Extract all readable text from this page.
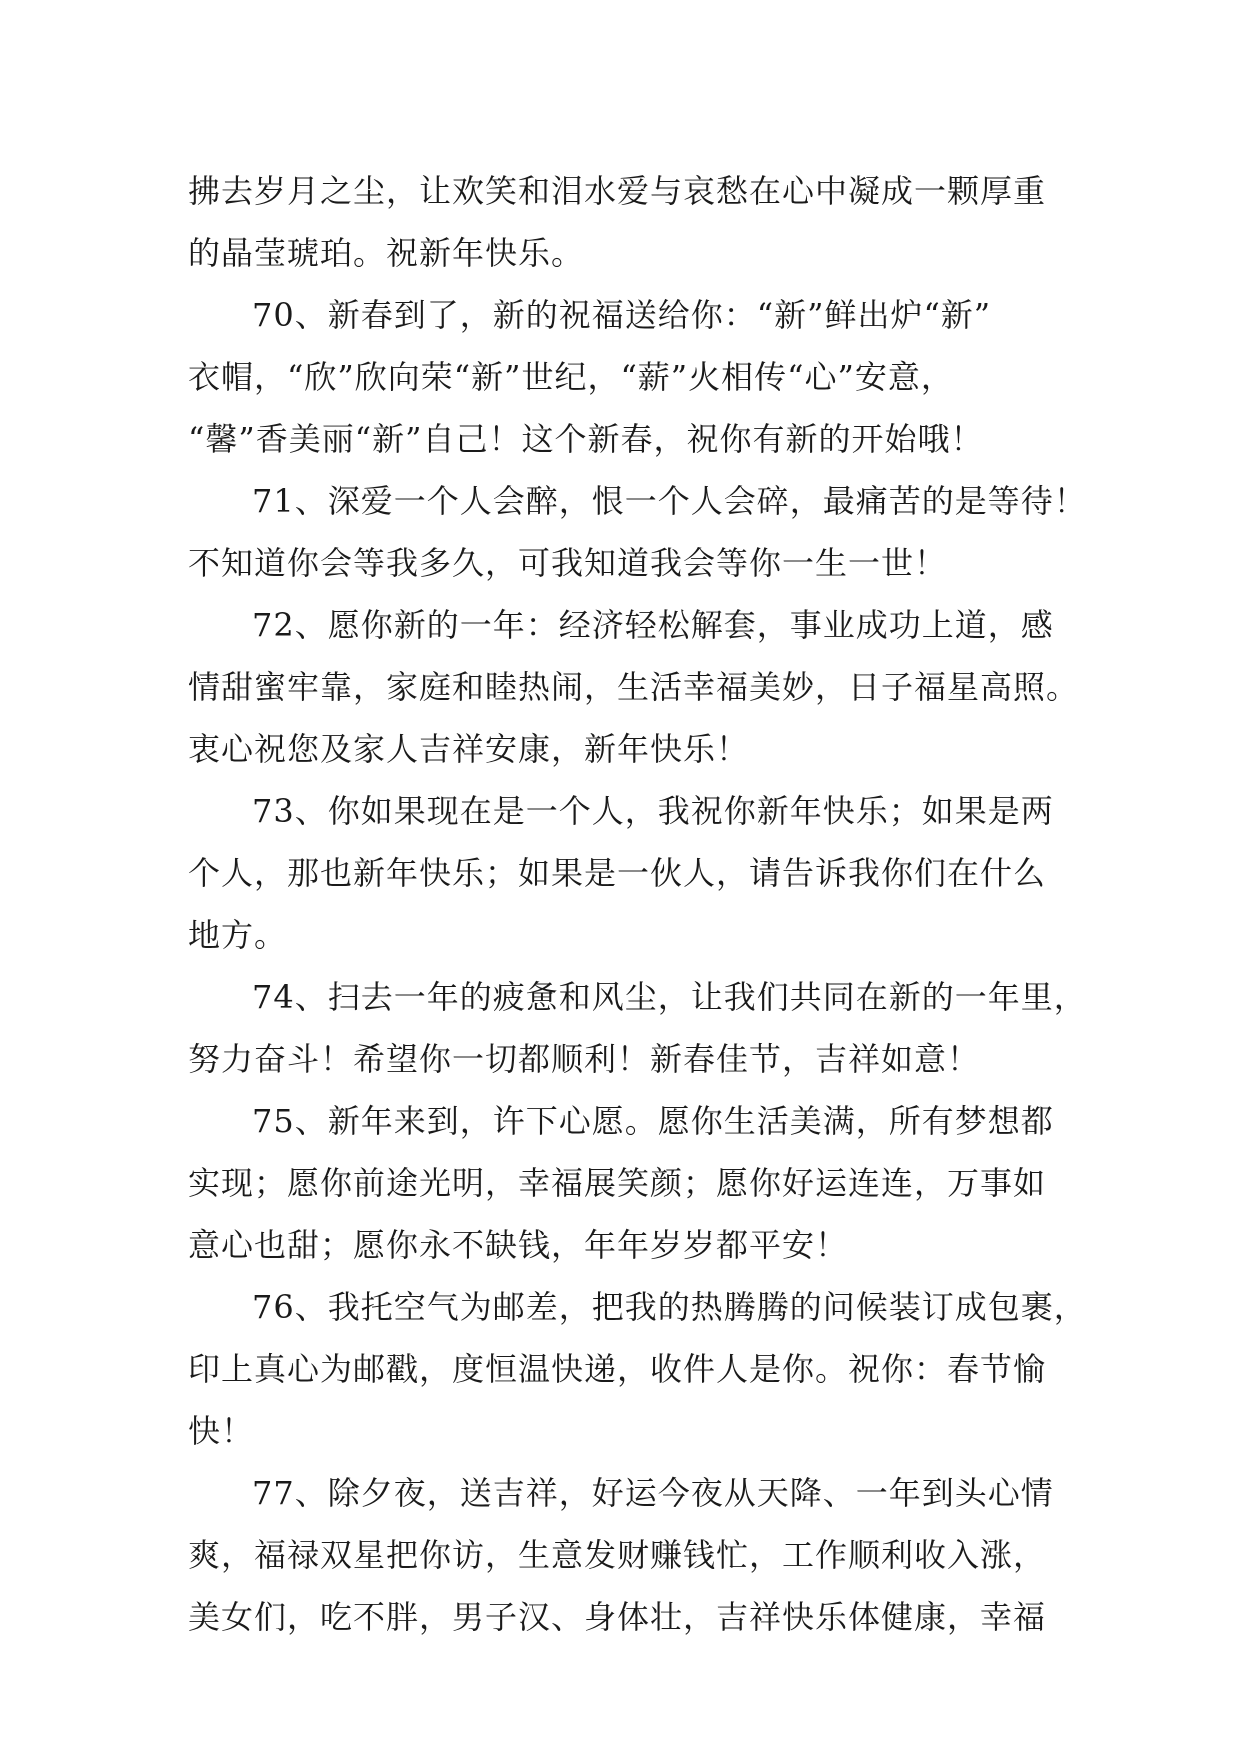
拂去岁月之尘，让欢笑和泪水爱与哀愁在心中凝成一颗厚重
的晶莹琥珀。祝新年快乐。
70、新春到了，新的祝福送给你：“新”鲜出炉“新”
衣帽，“欣”欣向荣“新”世纪，“薪”火相传“心”安意，
“馨”香美丽“新”自己！这个新春，祝你有新的开始哦！
71、深爱一个人会醉，恨一个人会碎，最痛苦的是等待！
不知道你会等我多久，可我知道我会等你一生一世！
72、愿你新的一年：经济轻松解套，事业成功上道，感
情甜蜜牢靠，家庭和睦热闹，生活幸福美妙，日子福星高照。
衷心祝您及家人吉祥安康，新年快乐！
73、你如果现在是一个人，我祝你新年快乐；如果是两
个人，那也新年快乐；如果是一伙人，请告诉我你们在什么
地方。
74、扫去一年的疲惫和风尘，让我们共同在新的一年里，
努力奋斗！希望你一切都顺利！新春佳节，吉祥如意！
75、新年来到，许下心愿。愿你生活美满，所有梦想都
实现；愿你前途光明，幸福展笑颜；愿你好运连连，万事如
意心也甜；愿你永不缺钱，年年岁岁都平安！
76、我托空气为邮差，把我的热腾腾的问候装订成包裹，
印上真心为邮戳，度恒温快递，收件人是你。祝你：春节愉
快！
77、除夕夜，送吉祥，好运今夜从天降、一年到头心情
爽，福禄双星把你访，生意发财赚钱忙，工作顺利收入涨，
美女们，吃不胖，男子汉、身体壮，吉祥快乐体健康，幸福
